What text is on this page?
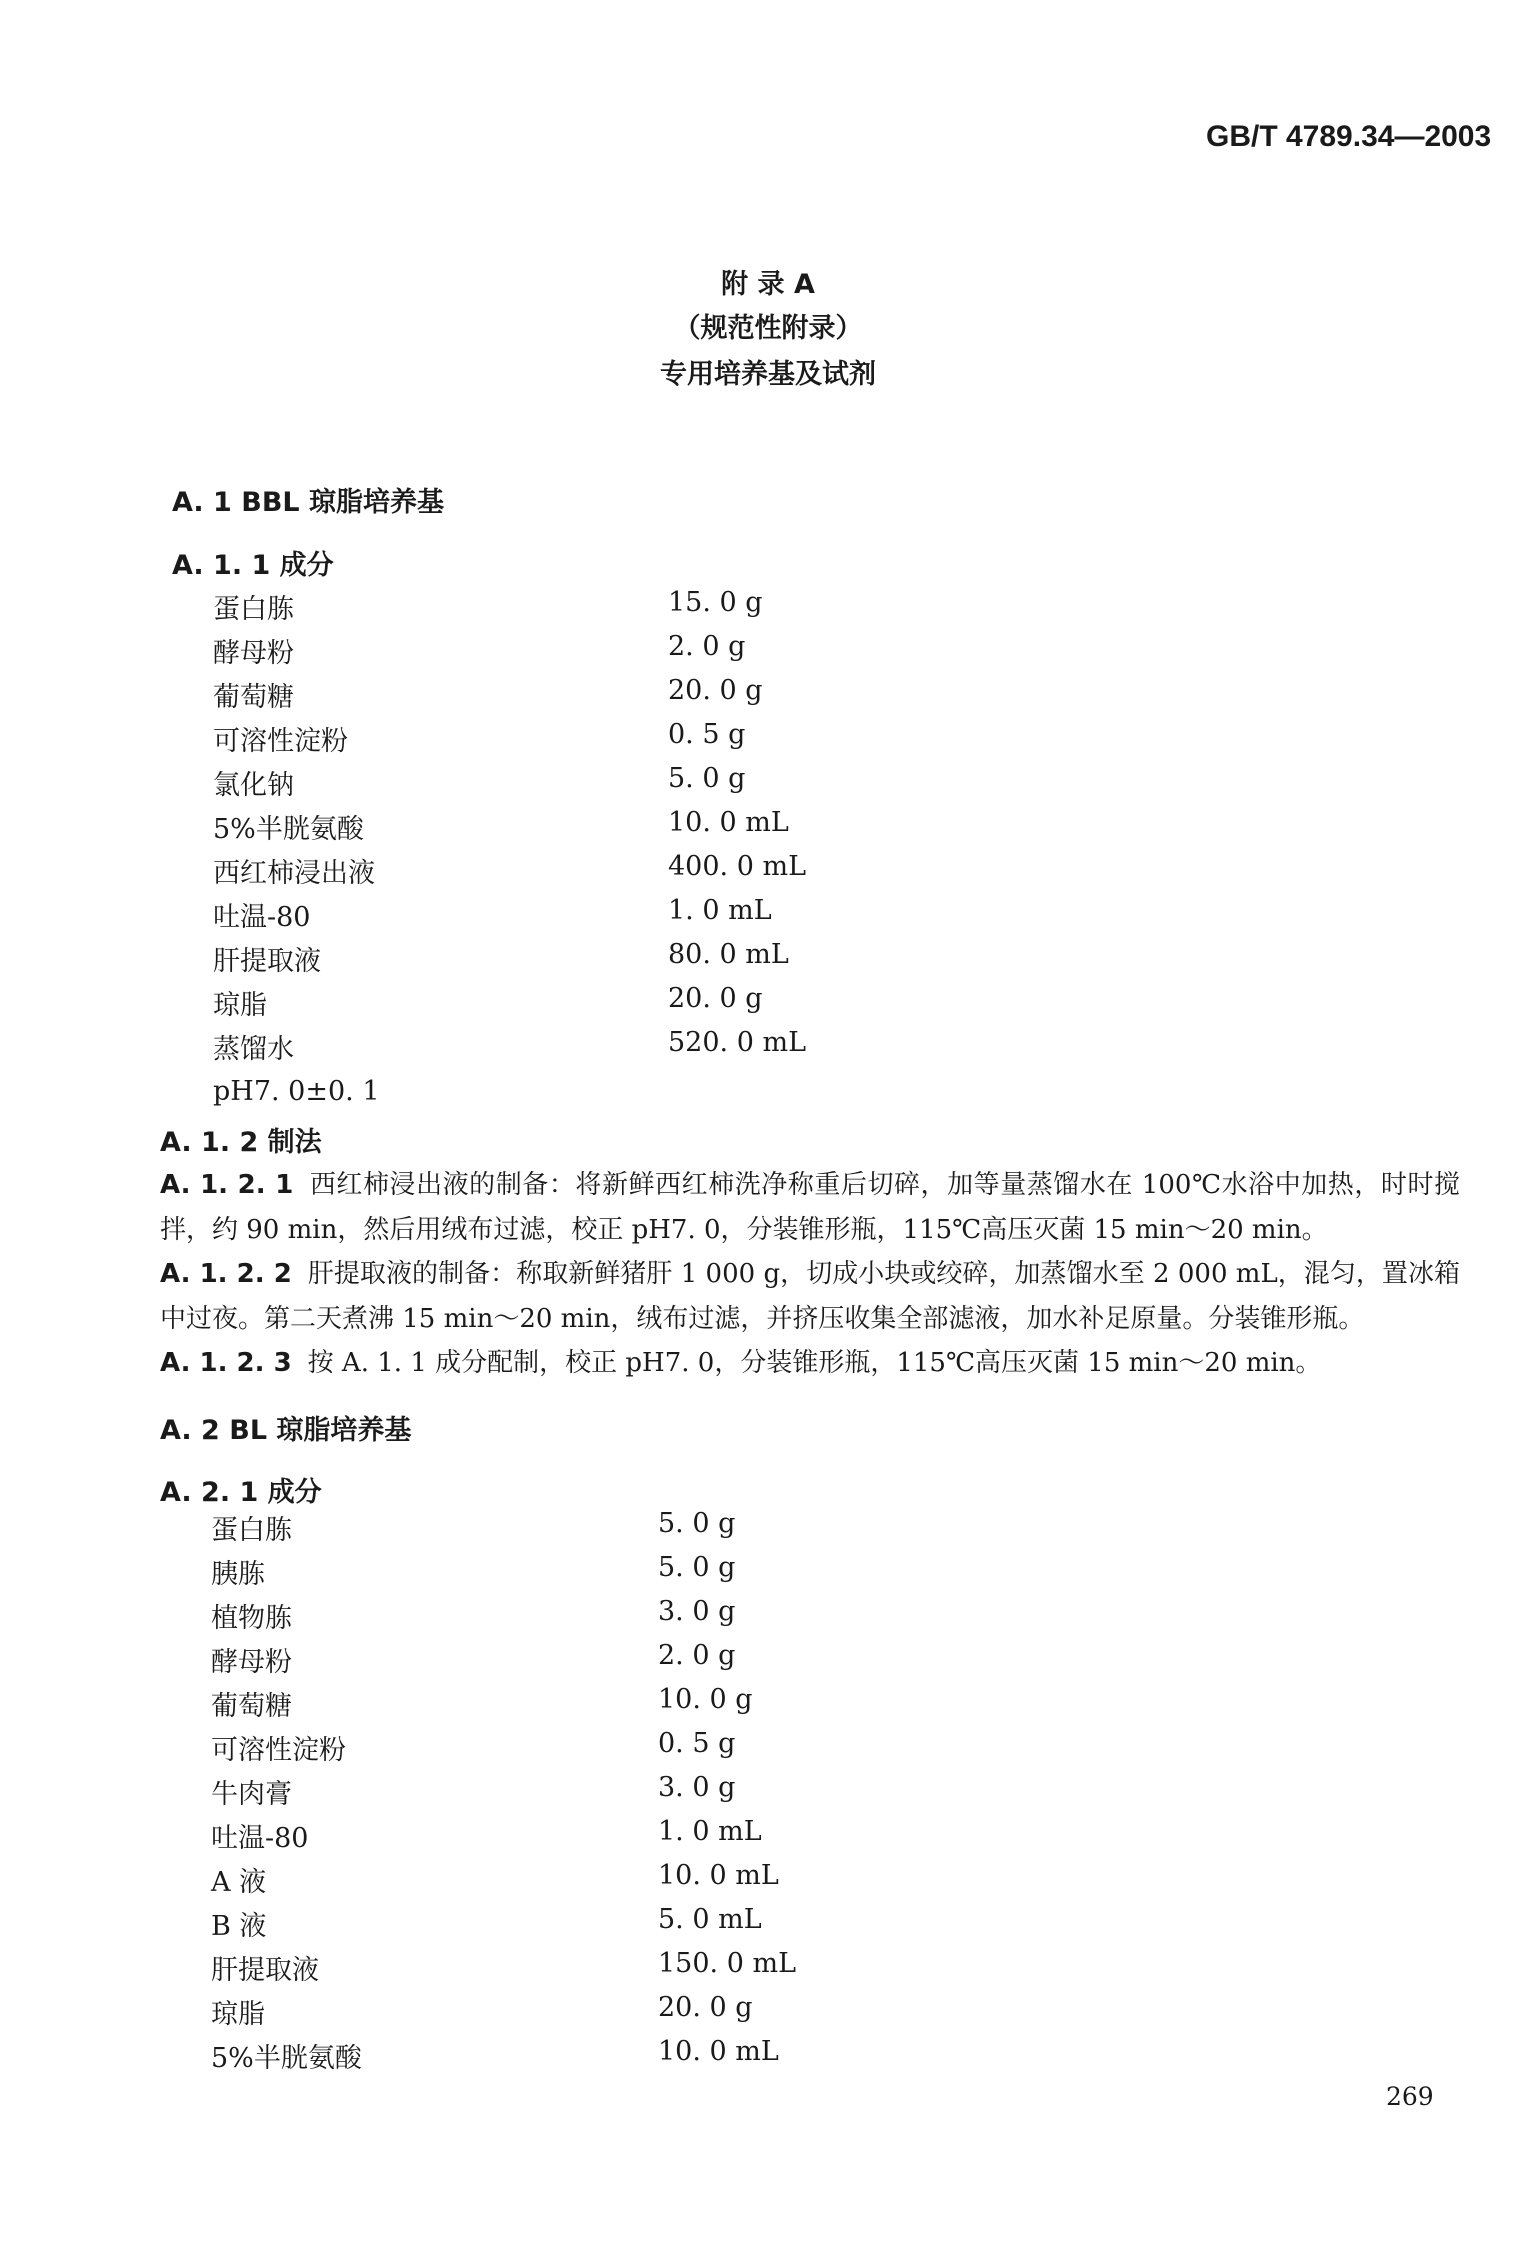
GB/T 4789.34—2003
附 录 A
（规范性附录）
专用培养基及试剂
A. 1 BBL 琼脂培养基
A. 1. 1 成分
蛋白胨	15. 0 g
酵母粉	2. 0 g
葡萄糖	20. 0 g
可溶性淀粉	0. 5 g
氯化钠	5. 0 g
5%半胱氨酸	10. 0 mL
西红柿浸出液	400. 0 mL
吐温-80	1. 0 mL
肝提取液	80. 0 mL
琼脂	20. 0 g
蒸馏水	520. 0 mL
pH7. 0±0. 1
A. 1. 2 制法
A. 1. 2. 1 西红柿浸出液的制备：将新鲜西红柿洗净称重后切碎，加等量蒸馏水在 100℃水浴中加热，时时搅拌，约 90 min，然后用绒布过滤，校正 pH7. 0，分装锥形瓶，115℃高压灭菌 15 min～20 min。
A. 1. 2. 2 肝提取液的制备：称取新鲜猪肝 1 000 g，切成小块或绞碎，加蒸馏水至 2 000 mL，混匀，置冰箱中过夜。第二天煮沸 15 min～20 min，绒布过滤，并挤压收集全部滤液，加水补足原量。分装锥形瓶。
A. 1. 2. 3 按 A. 1. 1 成分配制，校正 pH7. 0，分装锥形瓶，115℃高压灭菌 15 min～20 min。
A. 2 BL 琼脂培养基
A. 2. 1 成分
蛋白胨	5. 0 g
胰胨	5. 0 g
植物胨	3. 0 g
酵母粉	2. 0 g
葡萄糖	10. 0 g
可溶性淀粉	0. 5 g
牛肉膏	3. 0 g
吐温-80	1. 0 mL
A 液	10. 0 mL
B 液	5. 0 mL
肝提取液	150. 0 mL
琼脂	20. 0 g
5%半胱氨酸	10. 0 mL
269
